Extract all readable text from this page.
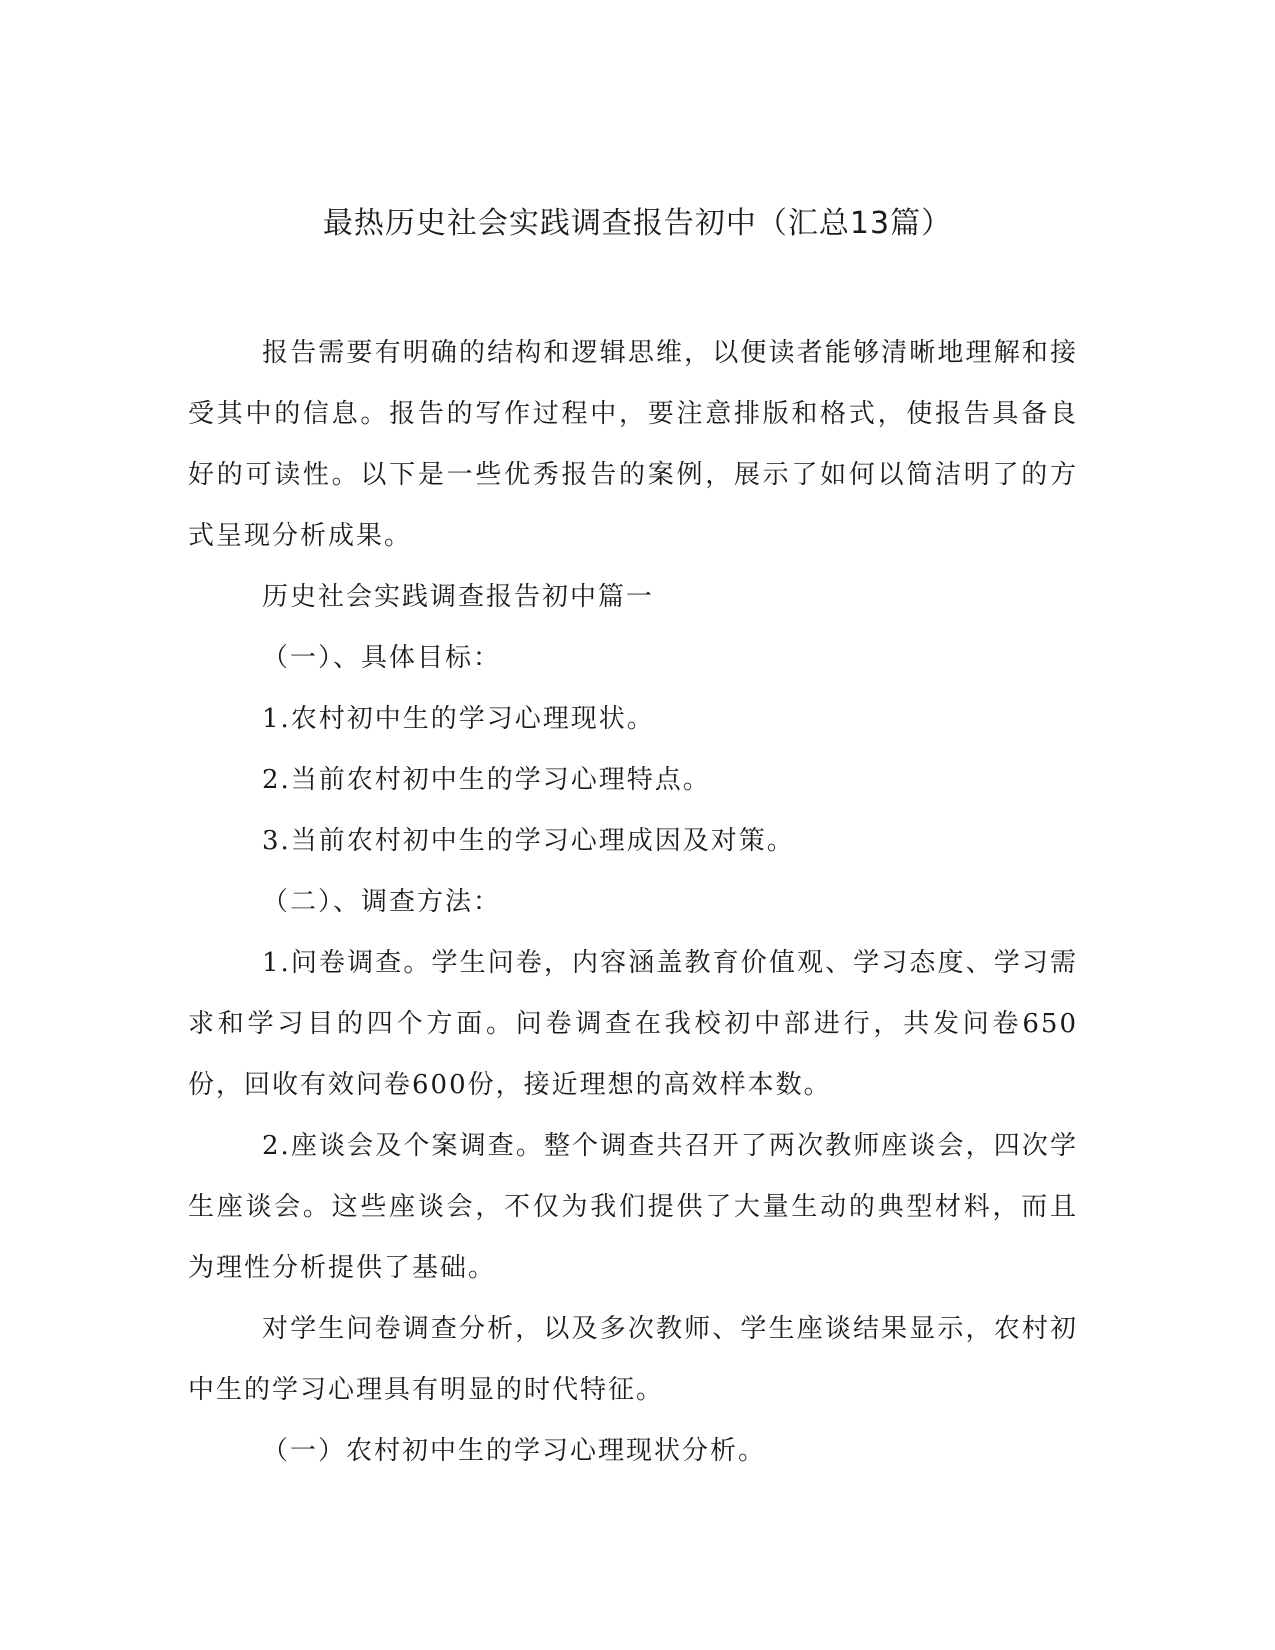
最热历史社会实践调查报告初中（汇总13篇）

报告需要有明确的结构和逻辑思维，以便读者能够清晰地理解和接受其中的信息。报告的写作过程中，要注意排版和格式，使报告具备良好的可读性。以下是一些优秀报告的案例，展示了如何以简洁明了的方式呈现分析成果。

历史社会实践调查报告初中篇一

（一）、具体目标：

1.农村初中生的学习心理现状。

2.当前农村初中生的学习心理特点。

3.当前农村初中生的学习心理成因及对策。

（二）、调查方法：

1.问卷调查。学生问卷，内容涵盖教育价值观、学习态度、学习需求和学习目的四个方面。问卷调查在我校初中部进行，共发问卷650份，回收有效问卷600份，接近理想的高效样本数。

2.座谈会及个案调查。整个调查共召开了两次教师座谈会，四次学生座谈会。这些座谈会，不仅为我们提供了大量生动的典型材料，而且为理性分析提供了基础。

对学生问卷调查分析，以及多次教师、学生座谈结果显示，农村初中生的学习心理具有明显的时代特征。

（一）农村初中生的学习心理现状分析。
